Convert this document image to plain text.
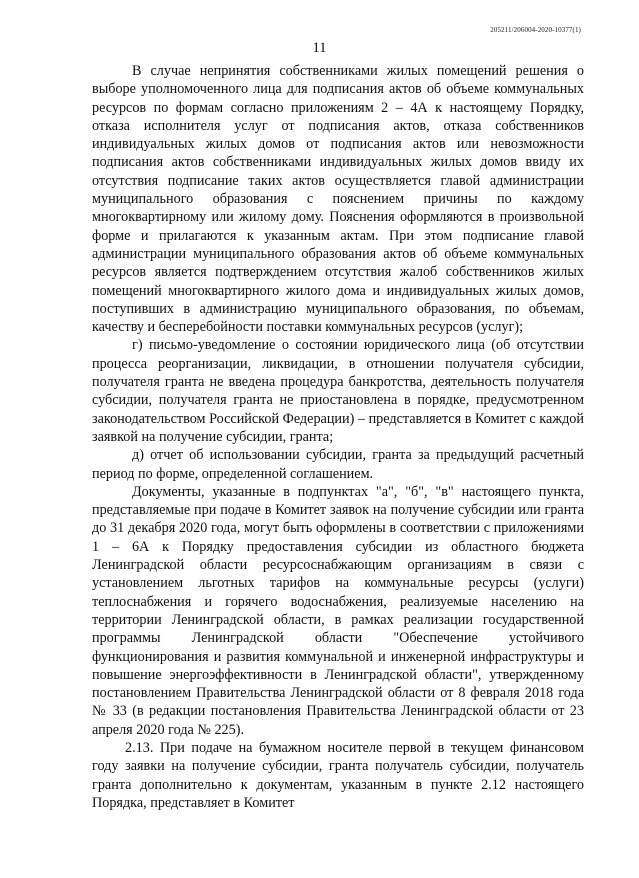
205211/206004-2020-10377(1)
11

В случае непринятия собственниками жилых помещений решения о выборе уполномоченного лица для подписания актов об объеме коммунальных ресурсов по формам согласно приложениям 2 – 4А к настоящему Порядку, отказа исполнителя услуг от подписания актов, отказа собственников индивидуальных жилых домов от подписания актов или невозможности подписания актов собственниками индивидуальных жилых домов ввиду их отсутствия подписание таких актов осуществляется главой администрации муниципального образования с пояснением причины по каждому многоквартирному или жилому дому. Пояснения оформляются в произвольной форме и прилагаются к указанным актам. При этом подписание главой администрации муниципального образования актов об объеме коммунальных ресурсов является подтверждением отсутствия жалоб собственников жилых помещений многоквартирного жилого дома и индивидуальных жилых домов, поступивших в администрацию муниципального образования, по объемам, качеству и бесперебойности поставки коммунальных ресурсов (услуг);

г) письмо-уведомление о состоянии юридического лица (об отсутствии процесса реорганизации, ликвидации, в отношении получателя субсидии, получателя гранта не введена процедура банкротства, деятельность получателя субсидии, получателя гранта не приостановлена в порядке, предусмотренном законодательством Российской Федерации) – представляется в Комитет с каждой заявкой на получение субсидии, гранта;

д) отчет об использовании субсидии, гранта за предыдущий расчетный период по форме, определенной соглашением.

Документы, указанные в подпунктах "а", "б", "в" настоящего пункта, представляемые при подаче в Комитет заявок на получение субсидии или гранта до 31 декабря 2020 года, могут быть оформлены в соответствии с приложениями 1 – 6А к Порядку предоставления субсидии из областного бюджета Ленинградской области ресурсоснабжающим организациям в связи с установлением льготных тарифов на коммунальные ресурсы (услуги) теплоснабжения и горячего водоснабжения, реализуемые населению на территории Ленинградской области, в рамках реализации государственной программы Ленинградской области "Обеспечение устойчивого функционирования и развития коммунальной и инженерной инфраструктуры и повышение энергоэффективности в Ленинградской области", утвержденному постановлением Правительства Ленинградской области от 8 февраля 2018 года № 33 (в редакции постановления Правительства Ленинградской области от 23 апреля 2020 года № 225).

2.13. При подаче на бумажном носителе первой в текущем финансовом году заявки на получение субсидии, гранта получатель субсидии, получатель гранта дополнительно к документам, указанным в пункте 2.12 настоящего Порядка, представляет в Комитет
